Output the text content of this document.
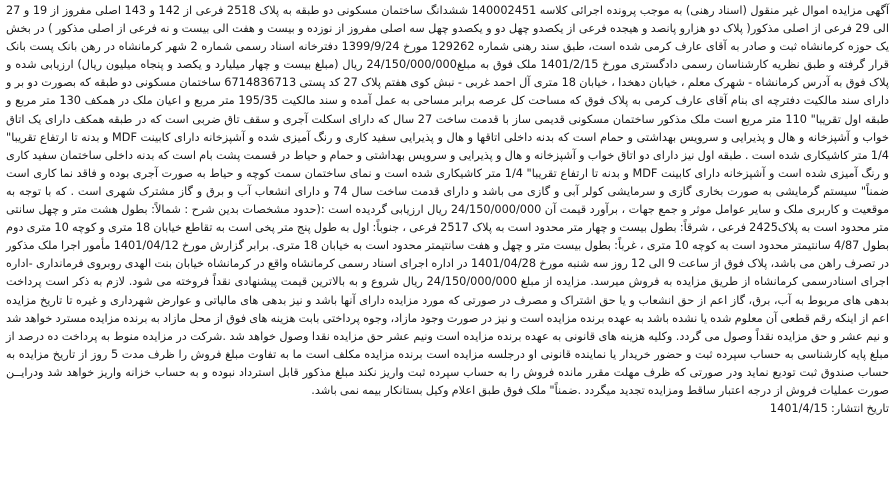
آگهی مزایده اموال غیر منقول (اسناد رهنی) به موجب پرونده اجرائی کلاسه 140002451 ششدانگ ساختمان مسکونی دو طبقه به پلاک 2518 فرعی از 142 و 143 اصلی مفروز از 19 و 27 الی 29 فرعی از اصلی مذکور( پلاک دو هزارو پانصد و هیجده فرعی از یکصدو چهل دو و یکصدو چهل سه اصلی مفروز از نوزده و بیست و هفت الی بیست و نه فرعی از اصلی مذکور ) در بخش یک حوزه کرمانشاه ثبت و صادر به آقای عارف کرمی شده است، طبق سند رهنی شماره 129262 مورخ 1399/9/24 دفترخانه اسناد رسمی شماره 2 شهر کرمانشاه در رهن بانک پست بانک قرار گرفته و طبق نظریه کارشناسان رسمی دادگستری مورخ 1401/2/15 ملک فوق به مبلغ24/150/000/000 ریال (مبلغ بیست و چهار میلیارد و یکصد و پنجاه میلیون ریال) ارزیابی شده و پلاک فوق به آدرس کرمانشاه - شهرک معلم ، خیابان دهخدا ، خیابان 18 متری آل احمد غربی - نبش کوی هفتم پلاک 27 کد پستی 6714836713 ساختمان مسکونی دو طبقه که بصورت دو بر و دارای سند مالکیت دفترچه ای بنام آقای عارف کرمی به پلاک فوق که مساحت کل عرصه برابر مساحی به عمل آمده و سند مالکیت 195/35 متر مربع و اعیان ملک در همکف 130 متر مربع و طبقه اول تقریبا" 110 متر مربع است ملک مذکور ساختمان مسکونی قدیمی ساز با قدمت ساخت 27 سال که دارای اسکلت آجری و سقف تاق ضربی است که در طبقه همکف دارای یک اتاق خواب و آشپزخانه و هال و پذیرایی و سرویس بهداشتی و حمام است که بدنه داخلی اتاقها و هال و پذیرایی سفید کاری و رنگ آمیزی شده و آشپزخانه دارای کابینت MDF و بدنه تا ارتفاع تقریبا" 1/4 متر کاشیکاری شده است . طبقه اول نیز دارای دو اتاق خواب و آشپزخانه و هال و پذیرایی و سرویس بهداشتی و حمام و حیاط در قسمت پشت بام است که بدنه داخلی ساختمان سفید کاری و رنگ آمیزی شده است و آشپزخانه دارای کابینت MDF و بدنه تا ارتفاع تقریبا" 1/4 متر کاشیکاری شده است و نمای ساختمان سمت کوچه و حیاط به صورت آجری بوده و فاقد نما کاری است ضمناً" سیستم گرمایشی به صورت بخاری گازی و سرمایشی کولر آبی و گازی می باشد و دارای قدمت ساخت سال 74 و دارای انشعاب آب و برق و گاز مشترک شهری است . که با توجه به موقعیت و کاربری ملک و سایر عوامل موثر و جمع جهات ، برآورد قیمت آن 24/150/000/000 ریال ارزیابی گردیده است :(حدود مشخصات بدین شرح : شمالاً: بطول هشت متر و چهل سانتی متر محدود است به پلاک2425 فرعی ، شرقاً: بطول بیست و چهار متر محدود است به پلاک 2517 فرعی ، جنوباً: اول به طول پنج متر پخی است به تقاطع خیابان 18 متری و کوچه 10 متری دوم بطول 4/87 سانتیمتر محدود است به کوچه 10 متری ، غرباً: بطول بیست متر و چهل و هفت سانتیمتر محدود است به خیابان 18 متری. برابر گزارش مورخ 1401/04/12 مأمور اجرا ملک مذکور در تصرف راهن می باشد، پلاک فوق از ساعت 9 الی 12 روز سه شنبه مورخ 1401/04/28 در اداره اجرای اسناد رسمی کرمانشاه واقع در کرمانشاه خیابان بنت الهدی روبروی فرمانداری -اداره اجرای اسنادرسمی کرمانشاه از طریق مزایده به فروش میرسد. مزایده از مبلغ 24/150/000/000 ریال شروع و به بالاترین قیمت پیشنهادی نقداً فروخته می شود. لازم به ذکر است پرداخت بدهی های مربوط به آب، برق، گاز اعم از حق انشعاب و یا حق اشتراک و مصرف در صورتی که مورد مزایده دارای آنها باشد و نیز بدهی های مالیاتی و عوارض شهرداری و غیره تا تاریخ مزایده اعم از اینکه رقم قطعی آن معلوم شده یا نشده باشد به عهده برنده مزایده است و نیز در صورت وجود مازاد، وجوه پرداختی بابت هزینه های فوق از محل مازاد به برنده مزایده مسترد خواهد شد و نیم عشر و حق مزایده نقداً وصول می گردد. وکلیه هزینه های قانونی به عهده برنده مزایده است ونیم عشر حق مزایده نقدا وصول خواهد شد .شرکت در مزایده منوط به پرداخت ده درصد از مبلغ پایه کارشناسی به حساب سپرده ثبت و حضور خریدار یا نماینده قانونی او درجلسه مزایده است برنده مزایده مکلف است ما به تفاوت مبلغ فروش را ظرف مدت 5 روز از تاریخ مزایده به حساب صندوق ثبت تودیع نماید ودر صورتی که ظرف مهلت مقرر مانده فروش را به حساب سپرده ثبت واریز نکند مبلغ مذکور قابل استرداد نبوده و به حساب خزانه واریز خواهد شد ودرایــن صورت عملیات فروش از درجه اعتبار ساقط ومزایده تجدید میگردد .ضمناً" ملک فوق طبق اعلام وکیل بستانکار بیمه نمی باشد.

تاریخ انتشار: 1401/4/15
